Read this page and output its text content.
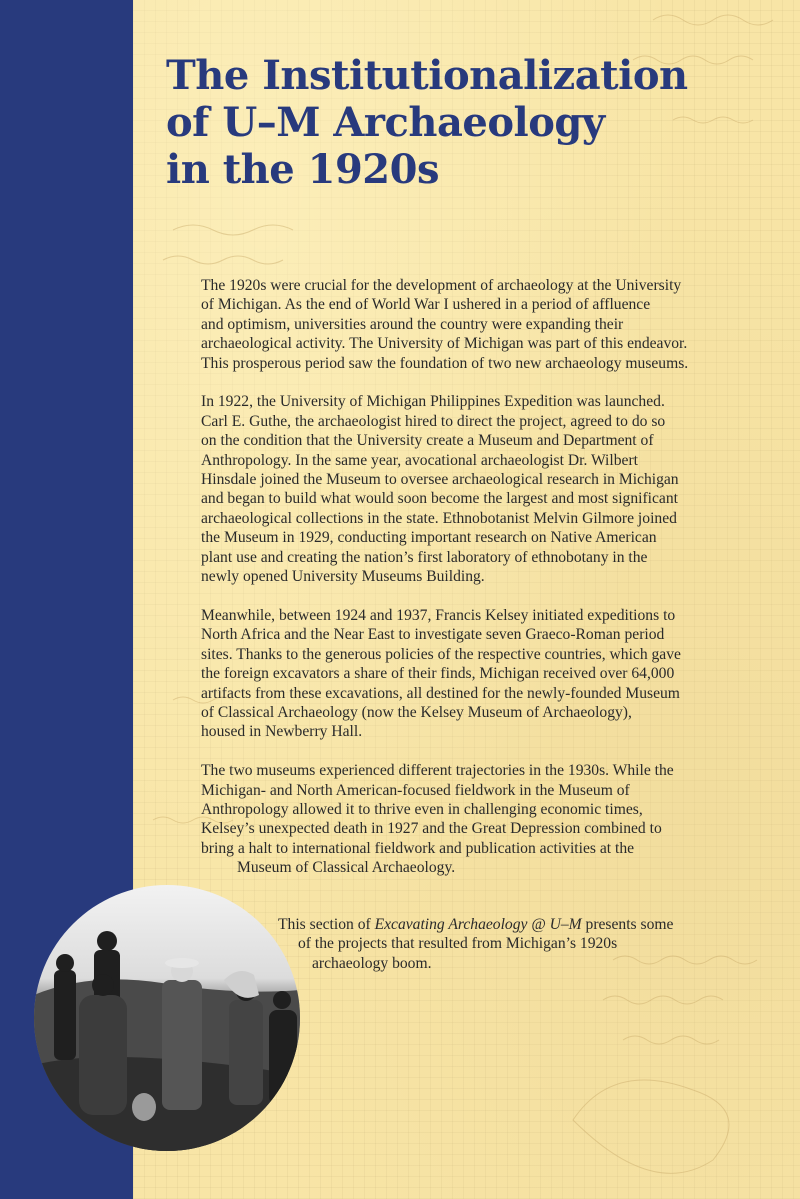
The Institutionalization
of U–M Archaeology
in the 1920s

The 1920s were crucial for the development of archaeology at the University
of Michigan. As the end of World War I ushered in a period of affluence
and optimism, universities around the country were expanding their
archaeological activity. The University of Michigan was part of this endeavor.
This prosperous period saw the foundation of two new archaeology museums.

In 1922, the University of Michigan Philippines Expedition was launched.
Carl E. Guthe, the archaeologist hired to direct the project, agreed to do so
on the condition that the University create a Museum and Department of
Anthropology. In the same year, avocational archaeologist Dr. Wilbert
Hinsdale joined the Museum to oversee archaeological research in Michigan
and began to build what would soon become the largest and most significant
archaeological collections in the state. Ethnobotanist Melvin Gilmore joined
the Museum in 1929, conducting important research on Native American
plant use and creating the nation’s first laboratory of ethnobotany in the
newly opened University Museums Building.

Meanwhile, between 1924 and 1937, Francis Kelsey initiated expeditions to
North Africa and the Near East to investigate seven Graeco-Roman period
sites. Thanks to the generous policies of the respective countries, which gave
the foreign excavators a share of their finds, Michigan received over 64,000
artifacts from these excavations, all destined for the newly-founded Museum
of Classical Archaeology (now the Kelsey Museum of Archaeology),
housed in Newberry Hall.

The two museums experienced different trajectories in the 1930s. While the
Michigan- and North American-focused fieldwork in the Museum of
Anthropology allowed it to thrive even in challenging economic times,
Kelsey’s unexpected death in 1927 and the Great Depression combined to
bring a halt to international fieldwork and publication activities at the
Museum of Classical Archaeology.

This section of Excavating Archaeology @ U–M presents some
of the projects that resulted from Michigan’s 1920s
archaeology boom.
